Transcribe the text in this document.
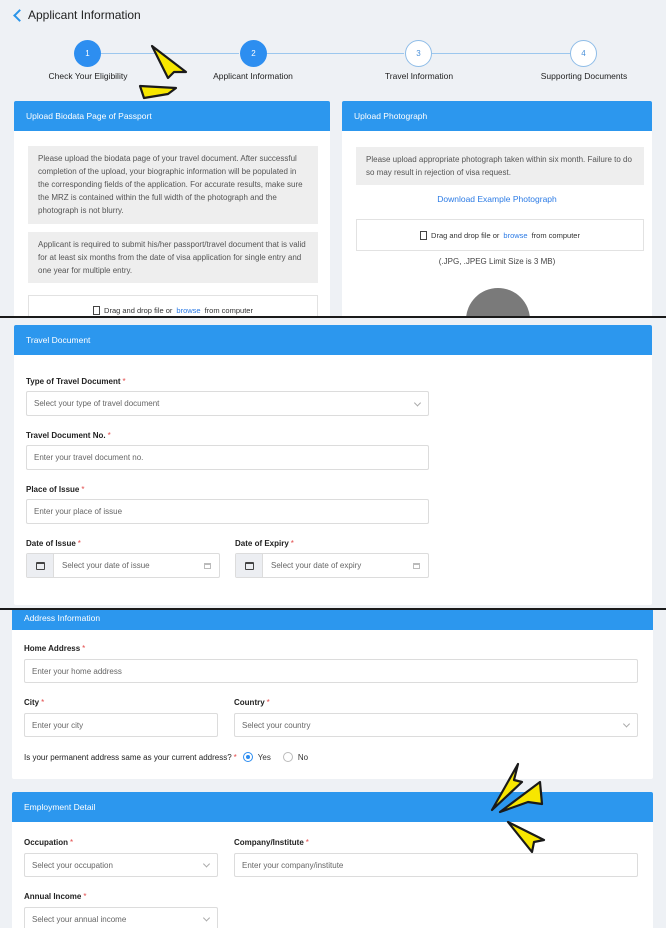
Applicant Information
1	2	3	4
Check Your Eligibility	Applicant Information	Travel Information	Supporting Documents
Upload Biodata Page of Passport
Please upload the biodata page of your travel document. After successful completion of the upload, your biographic information will be populated in the corresponding fields of the application. For accurate results, make sure the MRZ is contained within the full width of the photograph and the photograph is not blurry.
Applicant is required to submit his/her passport/travel document that is valid for at least six months from the date of visa application for single entry and one year for multiple entry.
Drag and drop file or browse from computer
Upload Photograph
Please upload appropriate photograph taken within six month. Failure to do so may result in rejection of visa request.
Download Example Photograph
Drag and drop file or browse from computer
(.JPG, .JPEG Limit Size is 3 MB)
Travel Document
Type of Travel Document *
Select your type of travel document
Travel Document No. *
Enter your travel document no.
Place of Issue *
Enter your place of issue
Date of Issue *
Select your date of issue
Date of Expiry *
Select your date of expiry
Address Information
Home Address *
Enter your home address
City *
Enter your city
Country *
Select your country
Is your permanent address same as your current address? *	Yes	No
Employment Detail
Occupation *
Select your occupation
Company/Institute *
Enter your company/institute
Annual Income *
Select your annual income
